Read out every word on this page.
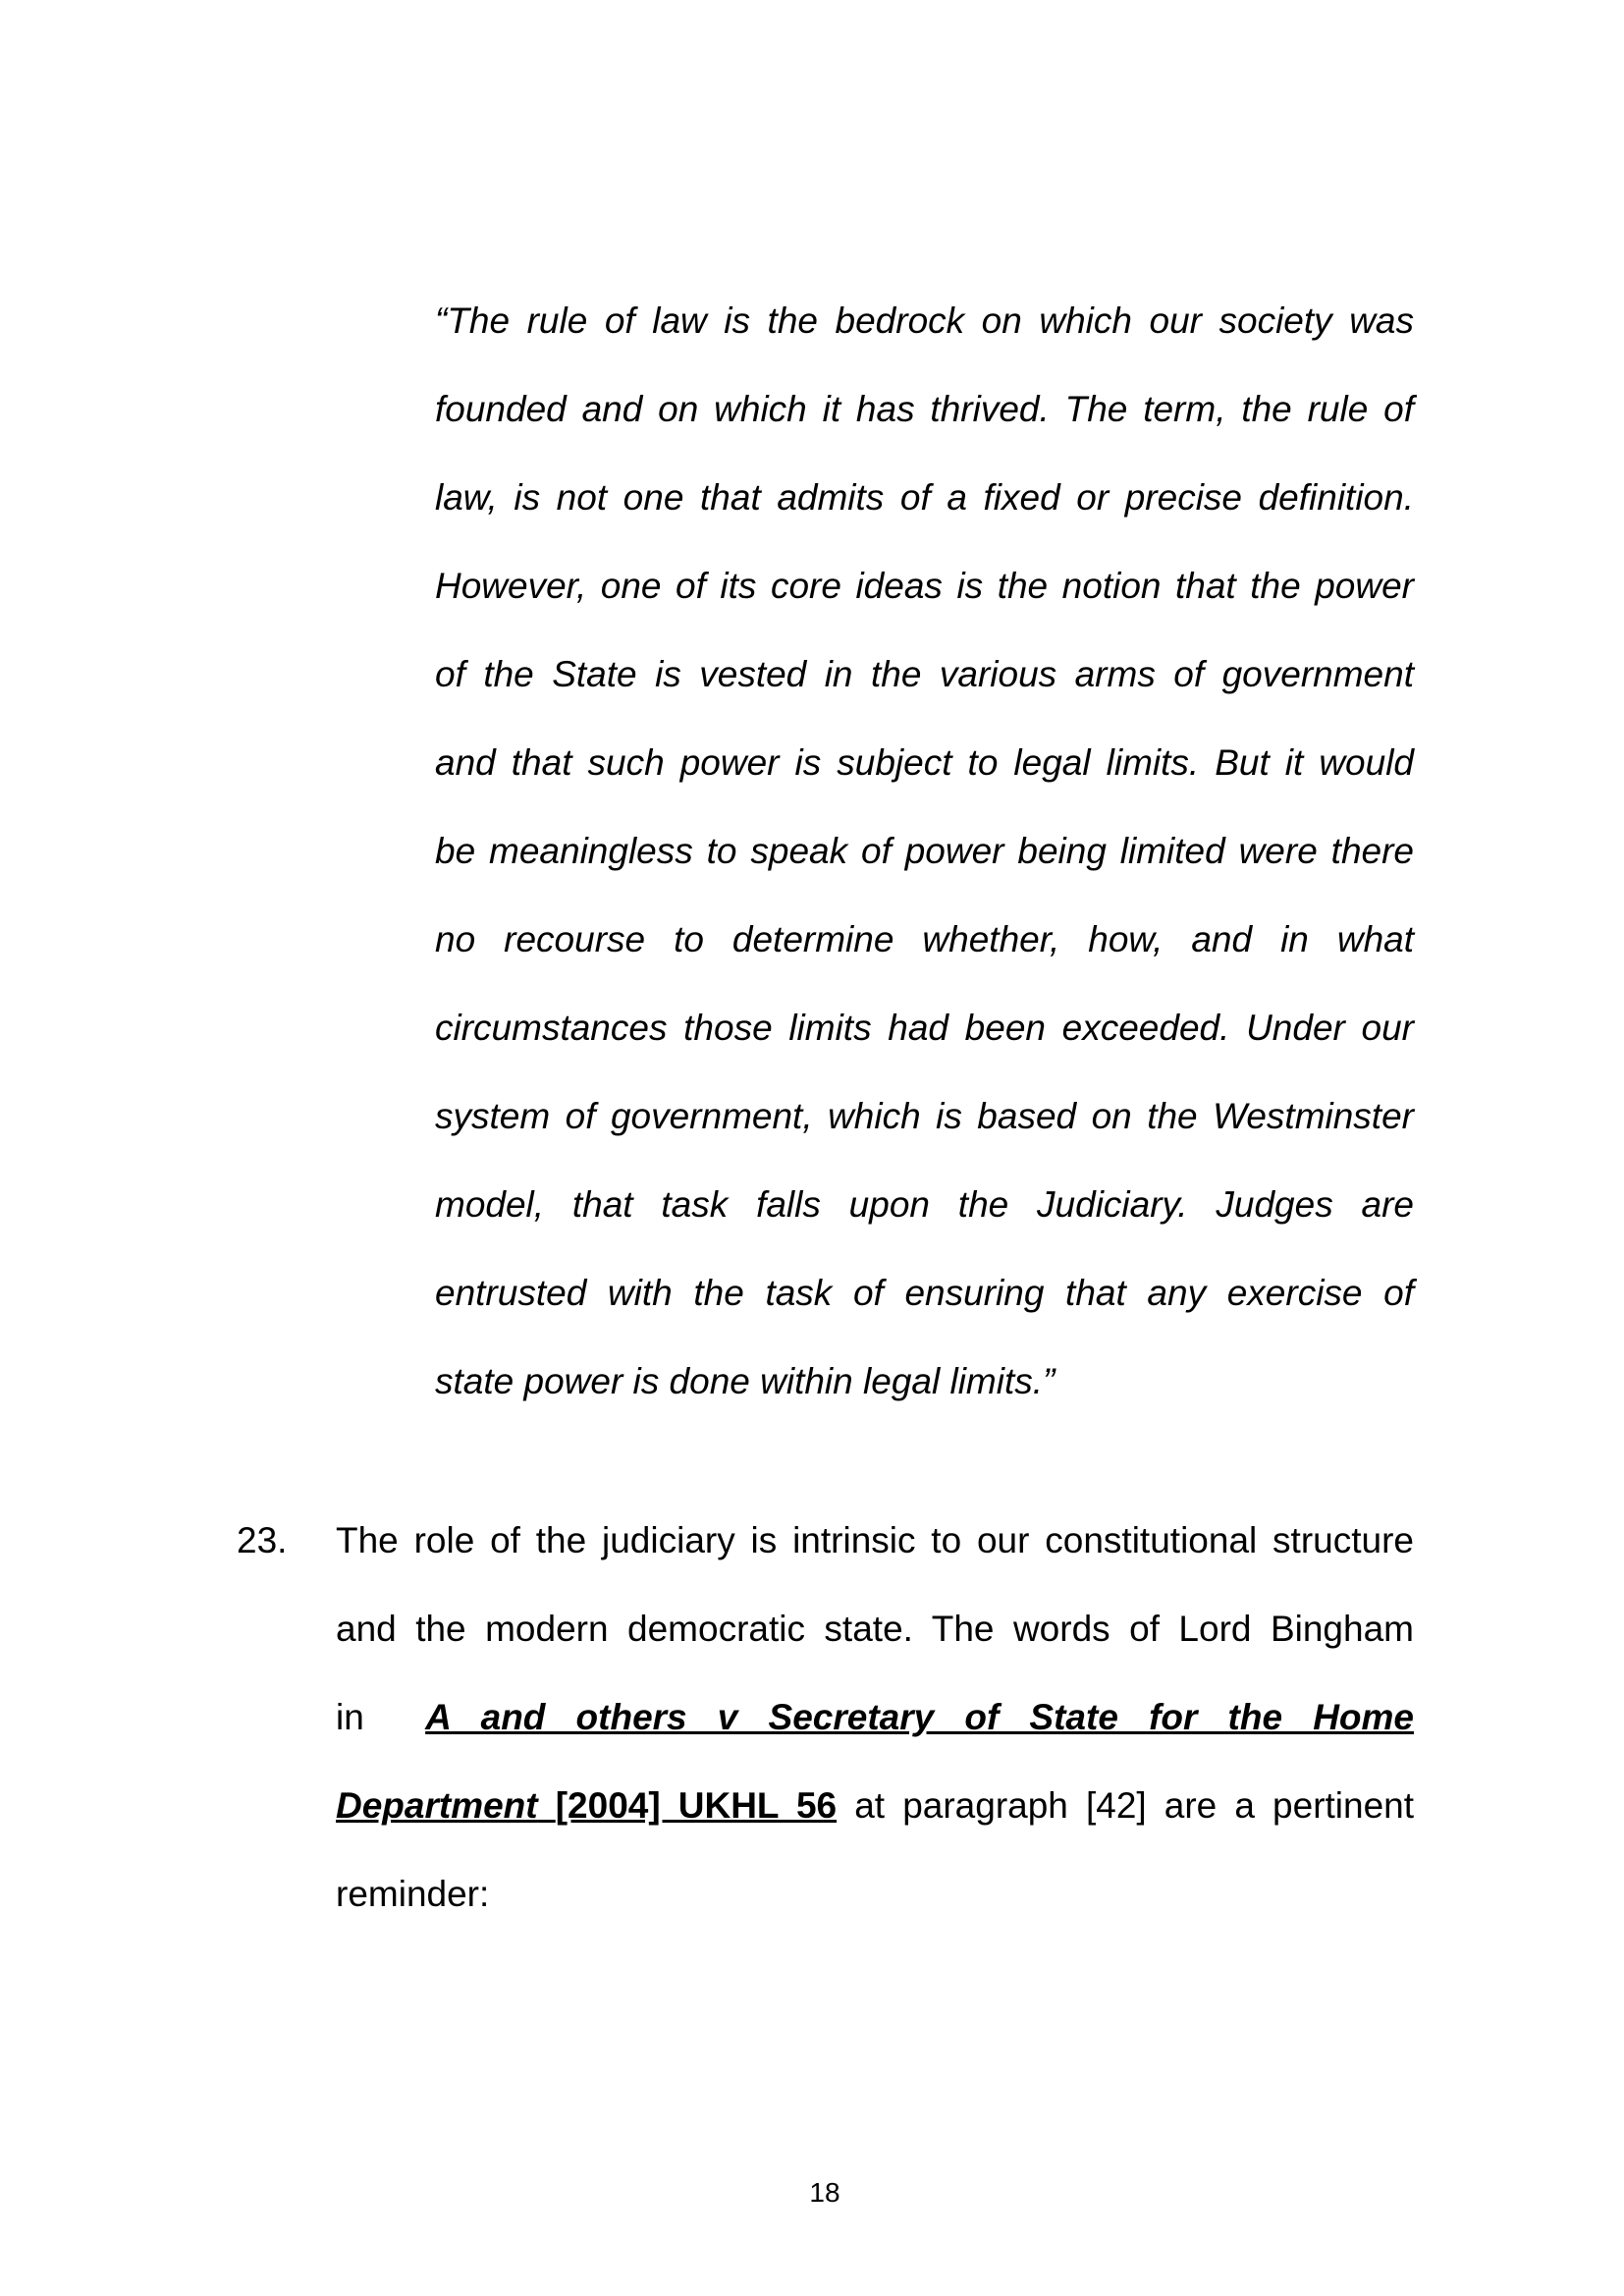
“The rule of law is the bedrock on which our society was
founded and on which it has thrived. The term, the rule of
law, is not one that admits of a fixed or precise definition.
However, one of its core ideas is the notion that the power
of the State is vested in the various arms of government
and that such power is subject to legal limits. But it would
be meaningless to speak of power being limited were there
no recourse to determine whether, how, and in what
circumstances those limits had been exceeded. Under our
system of government, which is based on the Westminster
model, that task falls upon the Judiciary. Judges are
entrusted with the task of ensuring that any exercise of
state power is done within legal limits.”
23. The role of the judiciary is intrinsic to our constitutional structure
and the modern democratic state. The words of Lord Bingham
in A and others v Secretary of State for the Home
Department [2004] UKHL 56 at paragraph [42] are a pertinent
reminder:
18
